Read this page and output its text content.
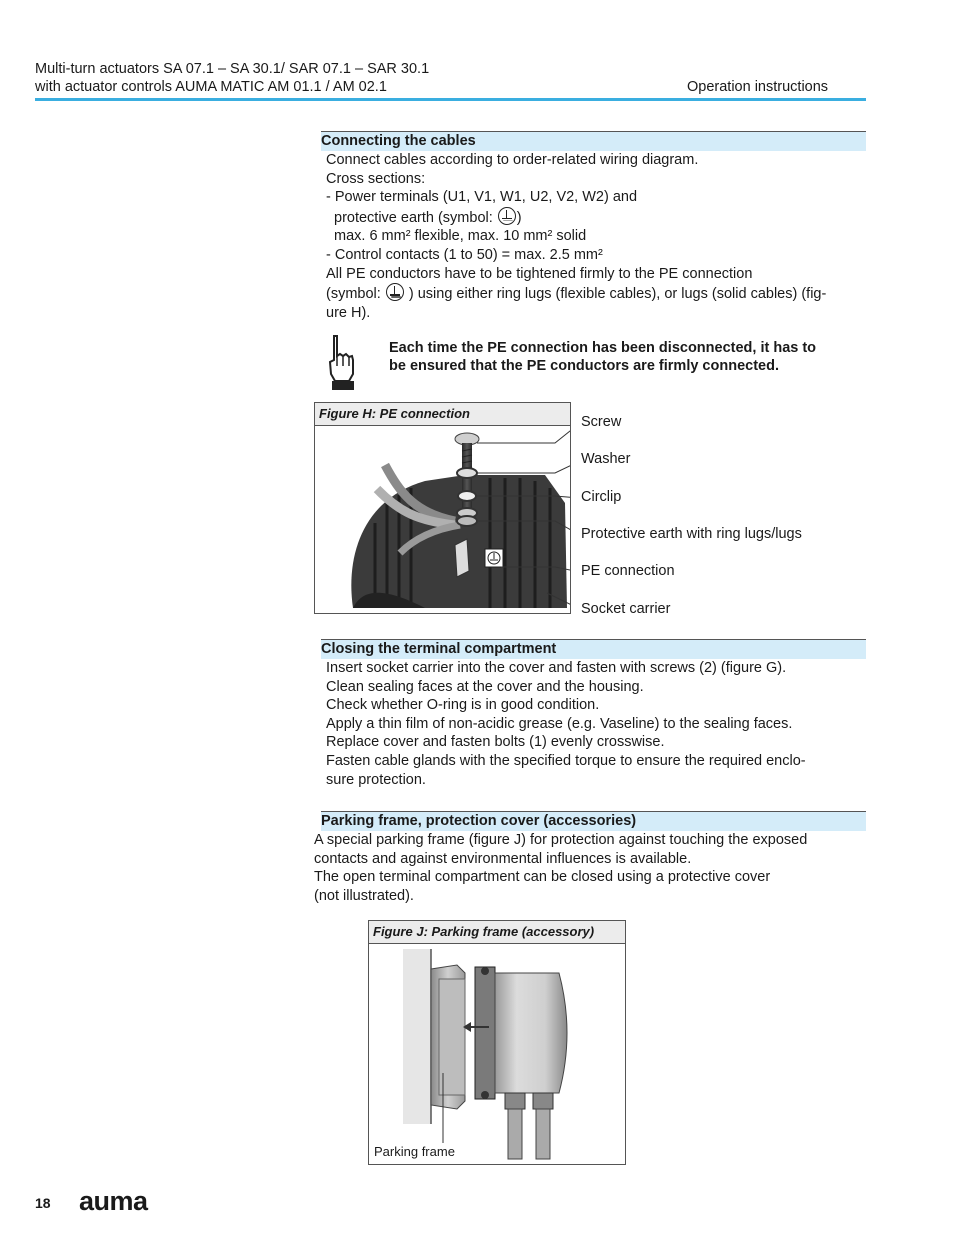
Multi-turn actuators SA 07.1 – SA 30.1/ SAR 07.1 – SAR 30.1
with actuator controls AUMA MATIC AM 01.1 / AM 02.1	Operation instructions
Connecting the cables

Connect cables according to order-related wiring diagram.

Cross sections:

- Power terminals (U1, V1, W1, U2, V2, W2) and

protective earth (symbol: )

max. 6 mm² flexible, max. 10 mm² solid

- Control contacts (1 to 50) = max. 2.5 mm²

All PE conductors have to be tightened firmly to the PE connection

(symbol:  ) using either ring lugs (flexible cables), or lugs (solid cables) (fig-

ure H).

Each time the PE connection has been disconnected, it has to
be ensured that the PE conductors are firmly connected.
Figure H: PE connection
Screw
Washer
Circlip
Protective earth with ring lugs/lugs
PE connection
Socket carrier
Closing the terminal compartment

Insert socket carrier into the cover and fasten with screws (2) (figure G).

Clean sealing faces at the cover and the housing.

Check whether O-ring is in good condition.

Apply a thin film of non-acidic grease (e.g. Vaseline) to the sealing faces.

Replace cover and fasten bolts (1) evenly crosswise.

Fasten cable glands with the specified torque to ensure the required enclo-

sure protection.

Parking frame, protection cover (accessories)

A special parking frame (figure J) for protection against touching the exposed

contacts and against environmental influences is available.

The open terminal compartment can be closed using a protective cover

(not illustrated).

Figure J: Parking frame (accessory)
Parking frame
18 auma
